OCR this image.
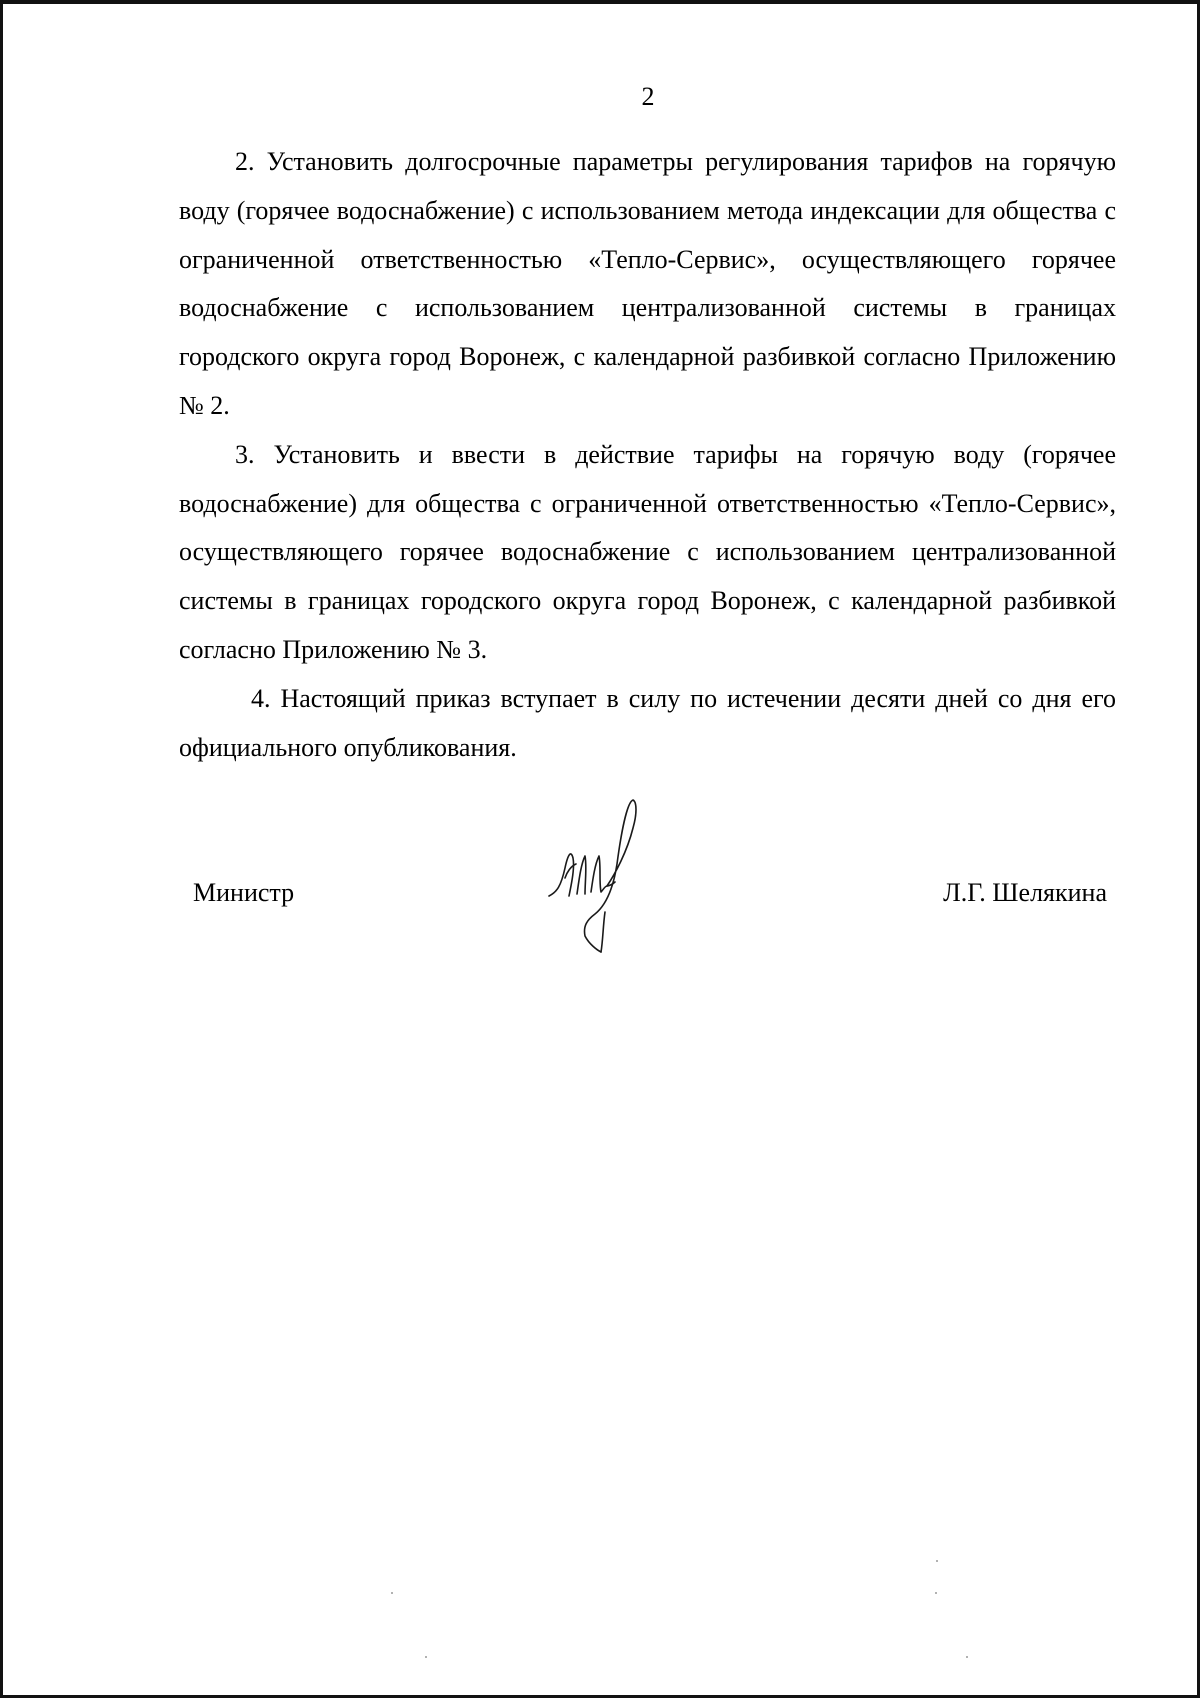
2

2. Установить долгосрочные параметры регулирования тарифов на горячую воду (горячее водоснабжение) с использованием метода индексации для общества с ограниченной ответственностью «Тепло-Сервис», осуществляющего горячее водоснабжение с использованием централизованной системы в границах городского округа город Воронеж, с календарной разбивкой согласно Приложению № 2.

3. Установить и ввести в действие тарифы на горячую воду (горячее водоснабжение) для общества с ограниченной ответственностью «Тепло-Сервис», осуществляющего горячее водоснабжение с использованием централизованной системы в границах городского округа город Воронеж, с календарной разбивкой согласно Приложению № 3.

4. Настоящий приказ вступает в силу по истечении десяти дней со дня его официального опубликования.

Министр	Л.Г. Шелякина
